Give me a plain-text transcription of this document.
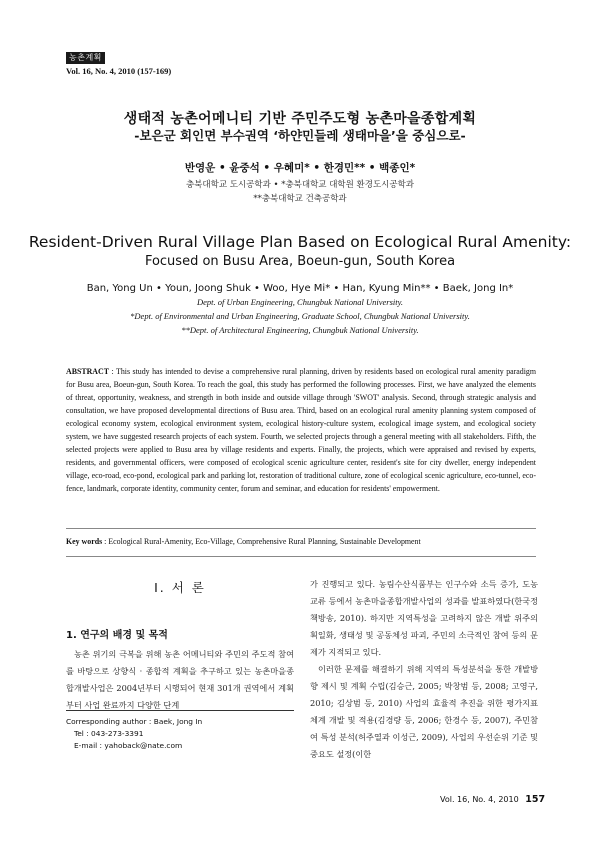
농촌계획
Vol. 16, No. 4, 2010 (157-169)
생태적 농촌어메니티 기반 주민주도형 농촌마을종합계획
-보은군 회인면 부수권역 ‘하얀민들레 생태마을’을 중심으로-
반영운 • 윤중석 • 우혜미* • 한경민** • 백종인*
충북대학교 도시공학과 • *충북대학교 대학원 환경도시공학과
**충북대학교 건축공학과
Resident-Driven Rural Village Plan Based on Ecological Rural Amenity:
Focused on Busu Area, Boeun-gun, South Korea
Ban, Yong Un • Youn, Joong Shuk • Woo, Hye Mi* • Han, Kyung Min** • Baek, Jong In*
Dept. of Urban Engineering, Chungbuk National University.
*Dept. of Environmental and Urban Engineering, Graduate School, Chungbuk National University.
**Dept. of Architectural Engineering, Chungbuk National University.
ABSTRACT : This study has intended to devise a comprehensive rural planning, driven by residents based on ecological rural amenity paradigm for Busu area, Boeun-gun, South Korea. To reach the goal, this study has performed the following processes. First, we have analyzed the elements of threat, opportunity, weakness, and strength in both inside and outside village through 'SWOT' analysis. Second, through strategic analysis and consultation, we have proposed developmental directions of Busu area. Third, based on an ecological rural amenity planning system composed of ecological economy system, ecological environment system, ecological history-culture system, ecological image system, and ecological society system, we have suggested research projects of each system. Fourth, we selected projects through a general meeting with all stakeholders. Fifth, the selected projects were applied to Busu area by village residents and experts. Finally, the projects, which were appraised and revised by experts, residents, and governmental officers, were composed of ecological scenic agriculture center, resident's site for city dweller, energy independent village, eco-road, eco-pond, ecological park and parking lot, restoration of traditional culture, zone of ecological scenic agriculture, eco-tunnel, eco-fence, landmark, corporate identity, community center, forum and seminar, and education for residents' empowerment.
Key words : Ecological Rural-Amenity, Eco-Village, Comprehensive Rural Planning, Sustainable Development
I. 서 론
1. 연구의 배경 및 목적

농촌 위기의 극복을 위해 농촌 어메니티와 주민의 주도적 참여를 바탕으로 상향식 · 종합적 계획을 추구하고 있는 농촌마을종합개발사업은 2004년부터 시행되어 현재 301개 권역에서 계획부터 사업 완료까지 다양한 단계

가 진행되고 있다. 농림수산식품부는 인구수와 소득 증가, 도농교류 등에서 농촌마을종합개발사업의 성과를 발표하였다(한국정책방송, 2010). 하지만 지역특성을 고려하지 않은 개발 위주의 획일화, 생태성 및 공동체성 파괴, 주민의 소극적인 참여 등의 문제가 지적되고 있다.

이러한 문제를 해결하기 위해 지역의 특성분석을 통한 개발방향 제시 및 계획 수립(김승근, 2005; 박창범 등, 2008; 고영구, 2010; 김상범 등, 2010) 사업의 효율적 추진을 위한 평가지표 체계 개발 및 적용(김경량 등, 2006; 한경수 등, 2007), 주민참여 특성 분석(허주열과 이성근, 2009), 사업의 우선순위 기준 및 중요도 설정(이한

Corresponding author : Baek, Jong In
Tel : 043-273-3391
E-mail : yahoback@nate.com
Vol. 16, No. 4, 2010 157
